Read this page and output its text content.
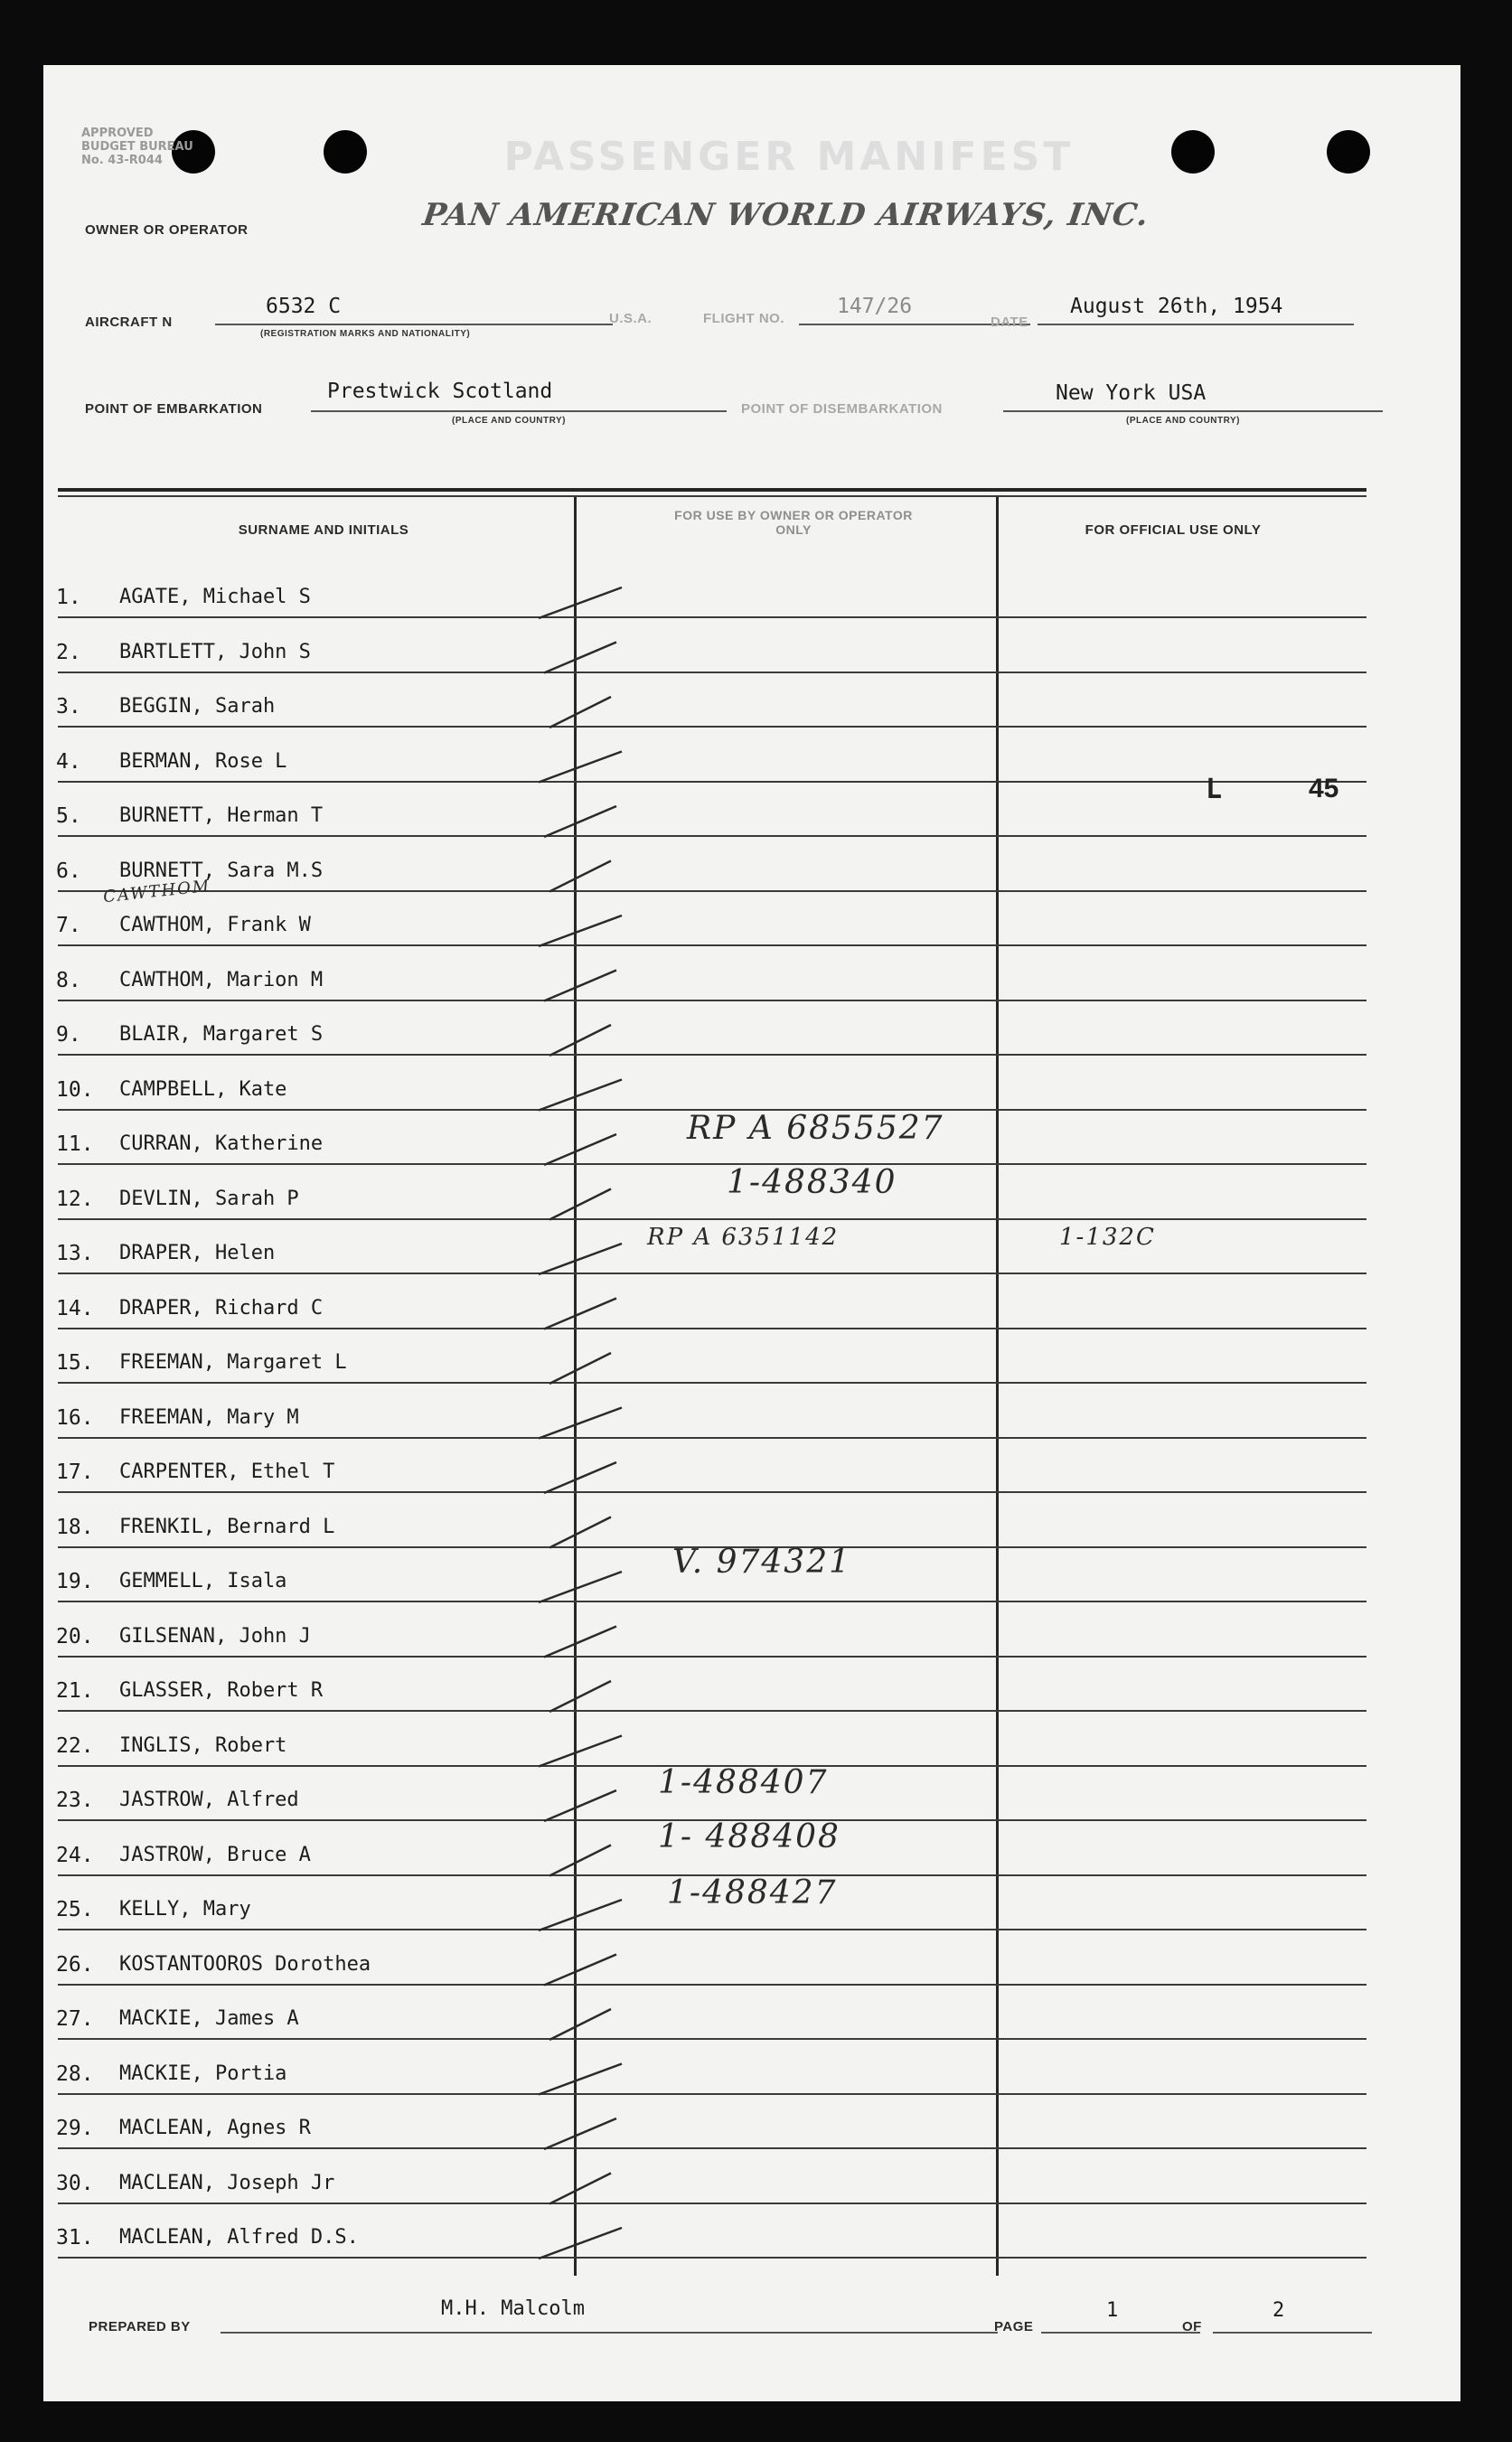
APPROVED
BUDGET BUREAU
No. 43-R044	PASSENGER MANIFEST
OWNER OR OPERATOR	PAN AMERICAN WORLD AIRWAYS, INC.
AIRCRAFT N
6532 C
(REGISTRATION MARKS AND NATIONALITY)
U.S.A.	FLIGHT NO.
147/26
DATE
August 26th, 1954
POINT OF EMBARKATION
Prestwick Scotland
(PLACE AND COUNTRY)
POINT OF DISEMBARKATION
New York USA
(PLACE AND COUNTRY)
SURNAME AND INITIALS
FOR USE BY OWNER OR OPERATOR ONLY	FOR OFFICIAL USE ONLY
1.	AGATE, Michael S
2.	BARTLETT, John S
3.	BEGGIN, Sarah
4.	BERMAN, Rose L
5.	BURNETT, Herman T
6.	BURNETT, Sara M.S
7.	CAWTHOM, Frank W
8.	CAWTHOM, Marion M
9.	BLAIR, Margaret S
10.	CAMPBELL, Kate
11.	CURRAN, Katherine
12.	DEVLIN, Sarah P
13.	DRAPER, Helen
14.	DRAPER, Richard C
15.	FREEMAN, Margaret L
16.	FREEMAN, Mary M
17.	CARPENTER, Ethel T
18.	FRENKIL, Bernard L
19.	GEMMELL, Isala
20.	GILSENAN, John J
21.	GLASSER, Robert R
22.	INGLIS, Robert
23.	JASTROW, Alfred
24.	JASTROW, Bruce A
25.	KELLY, Mary
26.	KOSTANTOOROS Dorothea
27.	MACKIE, James A
28.	MACKIE, Portia
29.	MACLEAN, Agnes R
30.	MACLEAN, Joseph Jr
31.	MACLEAN, Alfred D.S.
CAWTHOM
RP A 6855527
1-488340
RP A 6351142	1-132C
V. 974321
1-488407
1- 488408
1-488427
L	45
PREPARED BY
M.H. Malcolm
PAGE
1
OF
2
